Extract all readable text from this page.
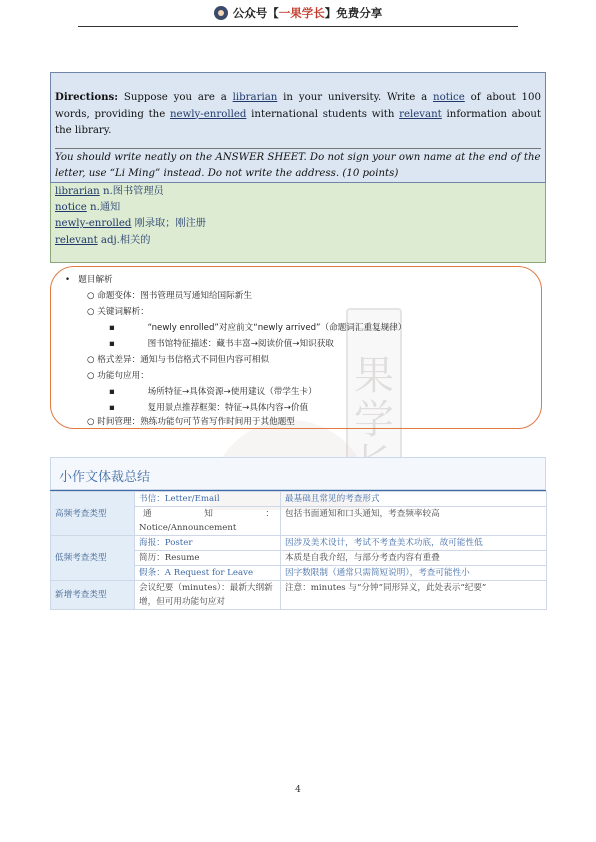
公众号【一果学长】免费分享
Directions: Suppose you are a librarian in your university. Write a notice of about 100 words, providing the newly-enrolled international students with relevant information about the library.
You should write neatly on the ANSWER SHEET. Do not sign your own name at the end of the letter, use “Li Ming” instead. Do not write the address. (10 points)
librarian n.图书管理员
notice n.通知
newly-enrolled 刚录取；刚注册
relevant adj.相关的
一
果
学

•   题目解析
○ 命题变体：图书管理员写通知给国际新生
○ 关键词解析：
▪            “newly enrolled”对应前文“newly arrived”（命题词汇重复规律）
▪            图书馆特征描述：藏书丰富→阅读价值→知识获取
○ 格式差异：通知与书信格式不同但内容可相似
○ 功能句应用：
▪            场所特征→具体资源→使用建议（带学生卡）
▪            复用景点推荐框架：特征→具体内容→价值
○ 时间管理：熟练功能句可节省写作时间用于其他题型
小作文体裁总结
高频考查类型	书信：Letter/Email	最基础且常见的考查形式

	通 知 ：
Notice/Announcement	包括书面通知和口头通知，考查频率较高
低频考查类型	海报：Poster	因涉及美术设计，考试不考查美术功底，故可能性低
	简历：Resume	本质是自我介绍，与部分考查内容有重叠
	假条：A Request for Leave	因字数限制（通常只需简短说明），考查可能性小
新增考查类型	会议纪要（minutes）：最新大纲新增，但可用功能句应对	注意：minutes 与“分钟”同形异义，此处表示“纪要”
4
